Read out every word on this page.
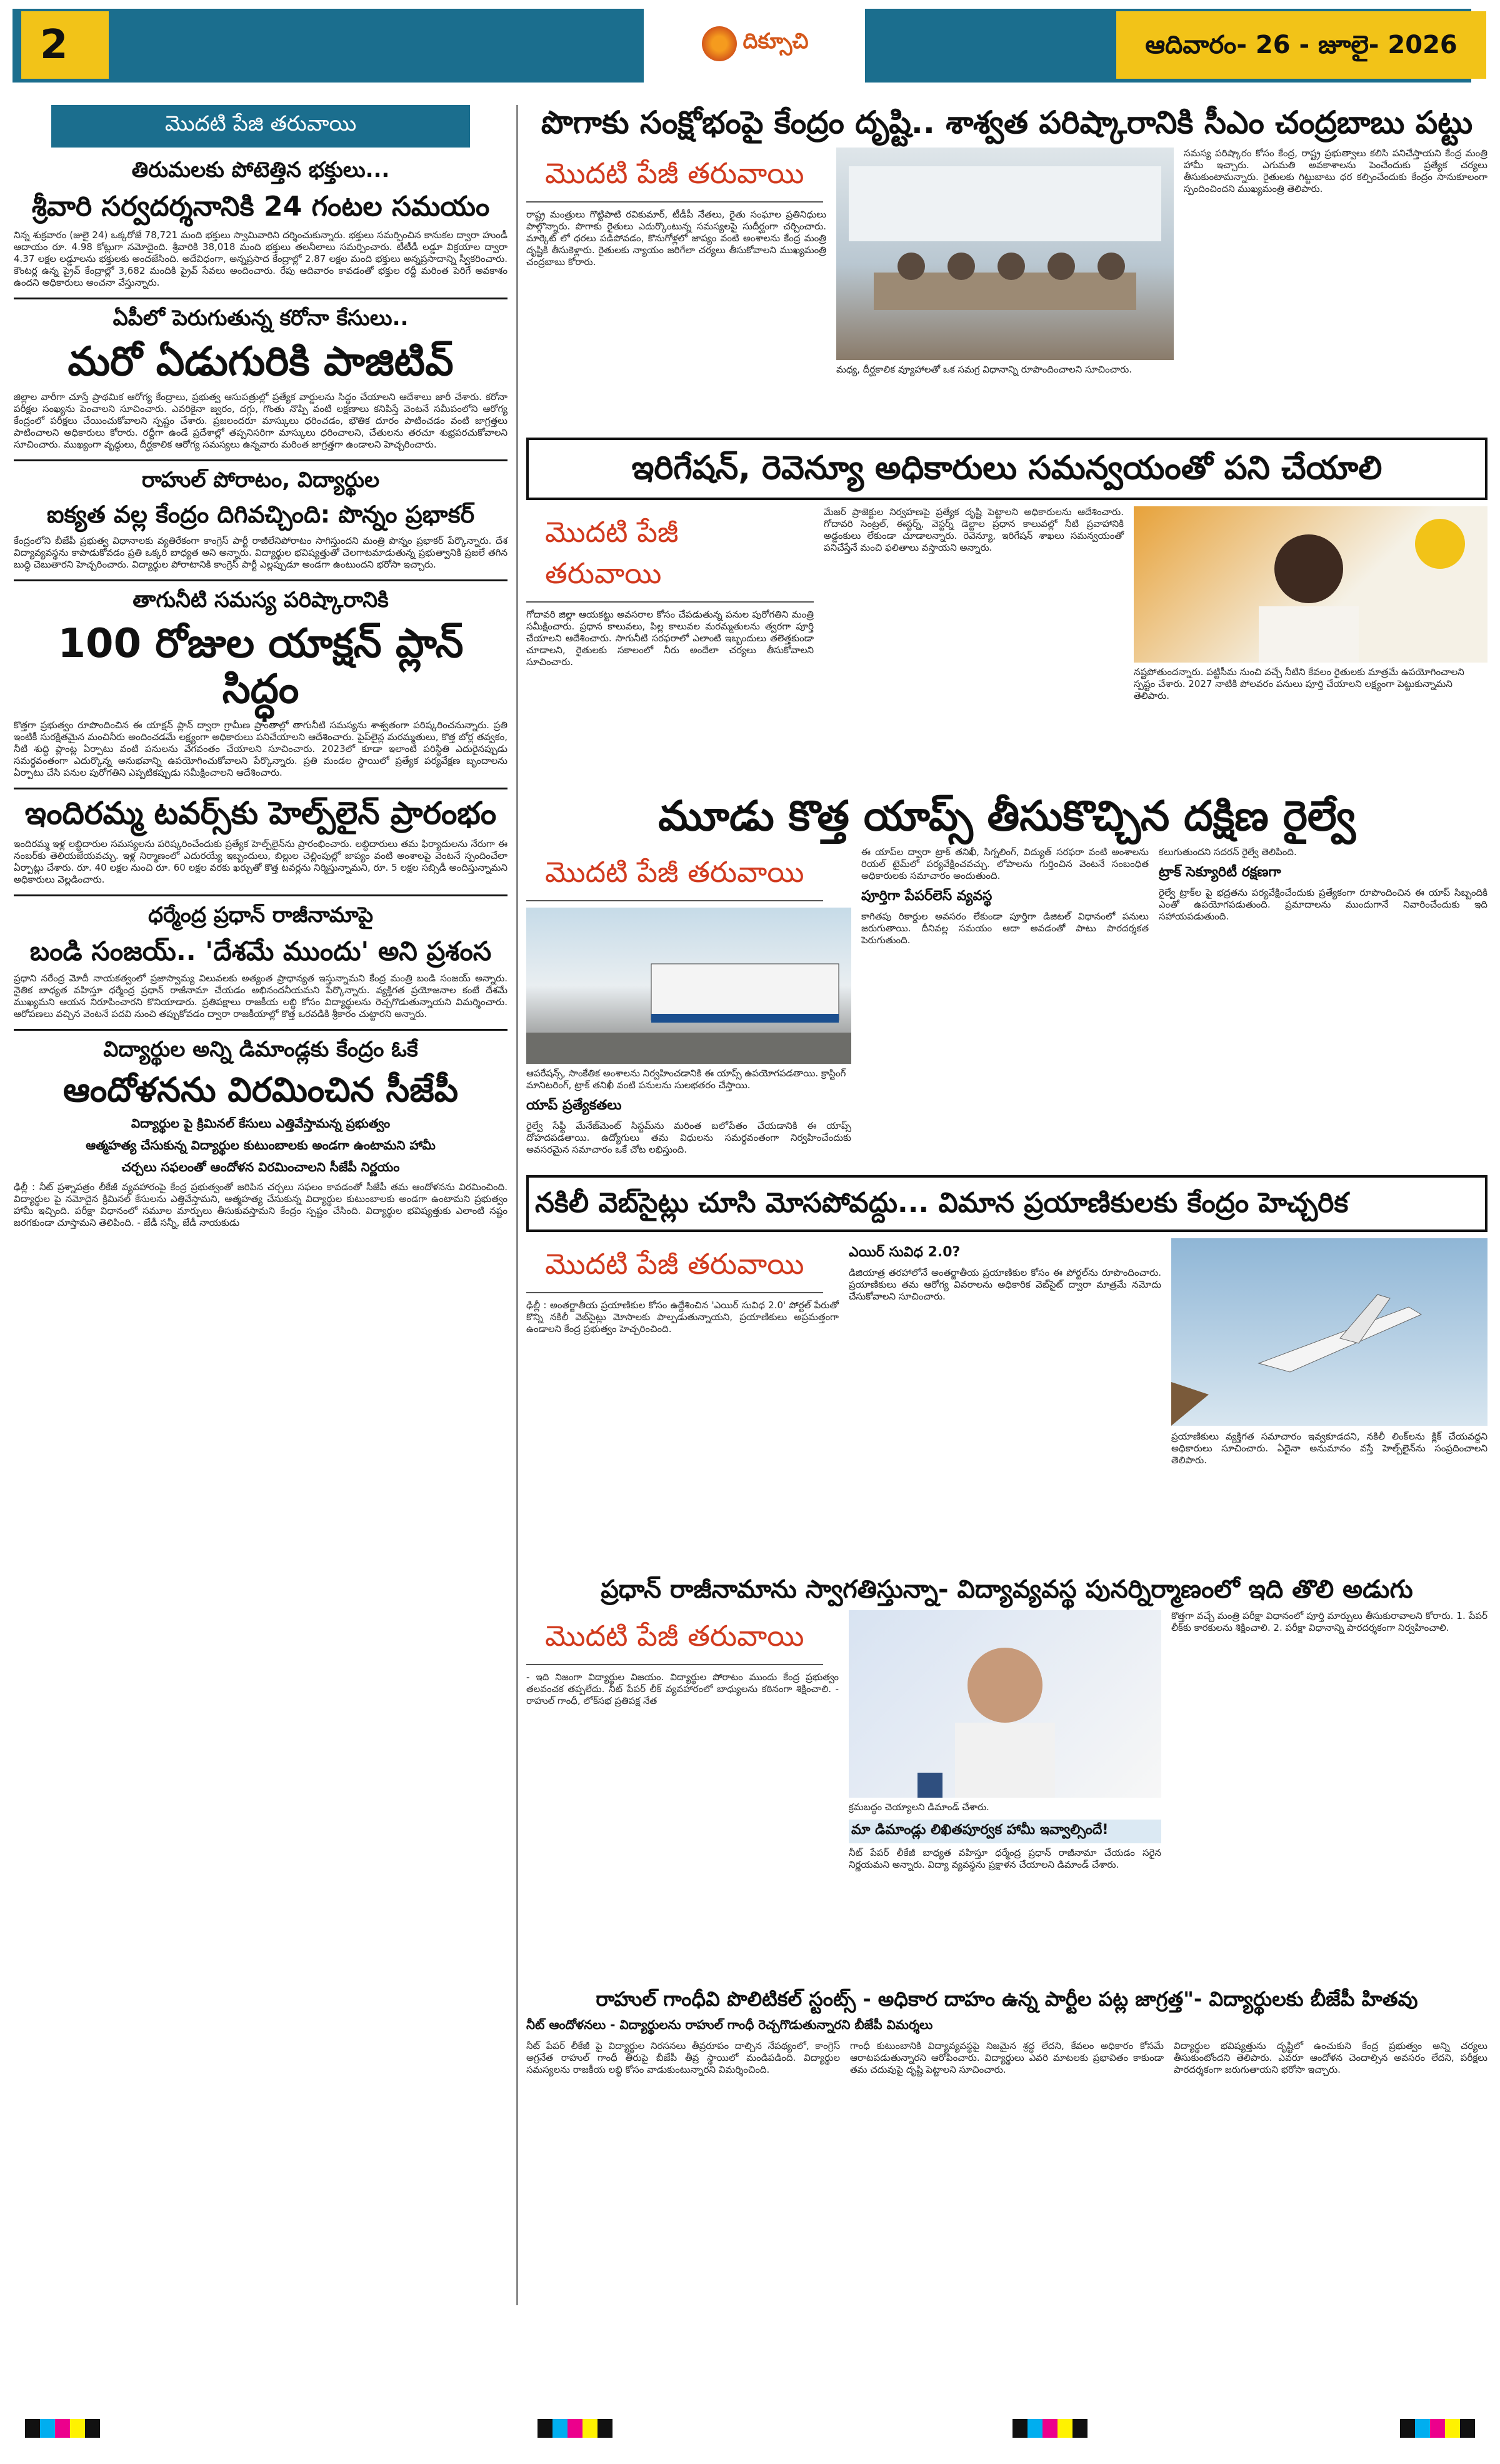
2	దిక్సూచి	ఆదివారం- 26 - జూలై- 2026
మొదటి పేజి తరువాయి
తిరుమలకు పోటెత్తిన భక్తులు...
శ్రీవారి సర్వదర్శనానికి 24 గంటల సమయం
నిన్న శుక్రవారం (జులై 24) ఒక్కరోజే 78,721 మంది భక్తులు స్వామివారిని దర్శించుకున్నారు. భక్తులు సమర్పించిన కానుకల ద్వారా హుండీ ఆదాయం రూ. 4.98 కోట్లుగా నమోదైంది. శ్రీవారికి 38,018 మంది భక్తులు తలనీలాలు సమర్పించారు. టీటీడీ లడ్డూ విక్రయాల ద్వారా 4.37 లక్షల లడ్డూలను భక్తులకు అందజేసింది. అదేవిధంగా, అన్నప్రసాద కేంద్రాల్లో 2.87 లక్షల మంది భక్తులు అన్నప్రసాదాన్ని స్వీకరించారు. కౌంటర్ల ఉన్న ప్రైవ్ కేంద్రాల్లో 3,682 మందికి ప్రైవ్ సేవలు అందించారు. రేపు ఆదివారం కావడంతో భక్తుల రద్దీ మరింత పెరిగే అవకాశం ఉందని అధికారులు అంచనా వేస్తున్నారు.
ఏపీలో పెరుగుతున్న కరోనా కేసులు..
మరో ఏడుగురికి పాజిటివ్
జిల్లాల వారీగా చూస్తే ప్రాథమిక ఆరోగ్య కేంద్రాలు, ప్రభుత్వ ఆసుపత్రుల్లో ప్రత్యేక వార్డులను సిద్ధం చేయాలని ఆదేశాలు జారీ చేశారు. కరోనా పరీక్షల సంఖ్యను పెంచాలని సూచించారు. ఎవరికైనా జ్వరం, దగ్గు, గొంతు నొప్పి వంటి లక్షణాలు కనిపిస్తే వెంటనే సమీపంలోని ఆరోగ్య కేంద్రంలో పరీక్షలు చేయించుకోవాలని స్పష్టం చేశారు. ప్రజలందరూ మాస్కులు ధరించడం, భౌతిక దూరం పాటించడం వంటి జాగ్రత్తలు పాటించాలని అధికారులు కోరారు. రద్దీగా ఉండే ప్రదేశాల్లో తప్పనిసరిగా మాస్కులు ధరించాలని, చేతులను తరచూ శుభ్రపరచుకోవాలని సూచించారు. ముఖ్యంగా వృద్ధులు, దీర్ఘకాలిక ఆరోగ్య సమస్యలు ఉన్నవారు మరింత జాగ్రత్తగా ఉండాలని హెచ్చరించారు.
రాహుల్ పోరాటం, విద్యార్థుల
ఐక్యత వల్ల కేంద్రం దిగివచ్చింది: పొన్నం ప్రభాకర్
కేంద్రంలోని బీజేపీ ప్రభుత్వ విధానాలకు వ్యతిరేకంగా కాంగ్రెస్ పార్టీ రాజీలేనిపోరాటం సాగిస్తుందని మంత్రి పొన్నం ప్రభాకర్ పేర్కొన్నారు. దేశ విద్యావ్యవస్థను కాపాడుకోవడం ప్రతి ఒక్కరి బాధ్యత అని అన్నారు. విద్యార్థుల భవిష్యత్తుతో చెలగాటమాడుతున్న ప్రభుత్వానికి ప్రజలే తగిన బుద్ధి చెబుతారని హెచ్చరించారు. విద్యార్థుల పోరాటానికి కాంగ్రెస్ పార్టీ ఎల్లప్పుడూ అండగా ఉంటుందని భరోసా ఇచ్చారు.
తాగునీటి సమస్య పరిష్కారానికి
100 రోజుల యాక్షన్ ప్లాన్ సిద్ధం
కొత్తగా ప్రభుత్వం రూపొందించిన ఈ యాక్షన్ ప్లాన్ ద్వారా గ్రామీణ ప్రాంతాల్లో తాగునీటి సమస్యను శాశ్వతంగా పరిష్కరించనున్నారు. ప్రతి ఇంటికీ సురక్షితమైన మంచినీరు అందించడమే లక్ష్యంగా అధికారులు పనిచేయాలని ఆదేశించారు. పైప్‌లైన్ల మరమ్మతులు, కొత్త బోర్ల తవ్వకం, నీటి శుద్ధి ప్లాంట్ల ఏర్పాటు వంటి పనులను వేగవంతం చేయాలని సూచించారు. 2023లో కూడా ఇలాంటి పరిస్థితి ఎదురైనప్పుడు సమర్థవంతంగా ఎదుర్కొన్న అనుభవాన్ని ఉపయోగించుకోవాలని పేర్కొన్నారు. ప్రతి మండల స్థాయిలో ప్రత్యేక పర్యవేక్షణ బృందాలను ఏర్పాటు చేసి పనుల పురోగతిని ఎప్పటికప్పుడు సమీక్షించాలని ఆదేశించారు.
ఇందిరమ్మ టవర్స్‌కు హెల్ప్‌లైన్ ప్రారంభం
ఇందిరమ్మ ఇళ్ల లబ్ధిదారుల సమస్యలను పరిష్కరించేందుకు ప్రత్యేక హెల్ప్‌లైన్‌ను ప్రారంభించారు. లబ్ధిదారులు తమ ఫిర్యాదులను నేరుగా ఈ నంబర్‌కు తెలియజేయవచ్చు. ఇళ్ల నిర్మాణంలో ఎదురయ్యే ఇబ్బందులు, బిల్లుల చెల్లింపుల్లో జాప్యం వంటి అంశాలపై వెంటనే స్పందించేలా ఏర్పాట్లు చేశారు. రూ. 40 లక్షల నుంచి రూ. 60 లక్షల వరకు ఖర్చుతో కొత్త టవర్లను నిర్మిస్తున్నామని, రూ. 5 లక్షల సబ్సిడీ అందిస్తున్నామని అధికారులు వెల్లడించారు.
ధర్మేంద్ర ప్రధాన్ రాజీనామాపై
బండి సంజయ్‌.. 'దేశమే ముందు' అని ప్రశంస
ప్రధాని నరేంద్ర మోదీ నాయకత్వంలో ప్రజాస్వామ్య విలువలకు అత్యంత ప్రాధాన్యత ఇస్తున్నామని కేంద్ర మంత్రి బండి సంజయ్ అన్నారు. నైతిక బాధ్యత వహిస్తూ ధర్మేంద్ర ప్రధాన్ రాజీనామా చేయడం అభినందనీయమని పేర్కొన్నారు. వ్యక్తిగత ప్రయోజనాల కంటే దేశమే ముఖ్యమని ఆయన నిరూపించారని కొనియాడారు. ప్రతిపక్షాలు రాజకీయ లబ్ధి కోసం విద్యార్థులను రెచ్చగొడుతున్నాయని విమర్శించారు. ఆరోపణలు వచ్చిన వెంటనే పదవి నుంచి తప్పుకోవడం ద్వారా రాజకీయాల్లో కొత్త ఒరవడికి శ్రీకారం చుట్టారని అన్నారు.
విద్యార్థుల అన్ని డిమాండ్లకు కేంద్రం ఓకే
ఆందోళనను విరమించిన సీజేపీ
విద్యార్థుల పై క్రిమినల్ కేసులు ఎత్తివేస్తామన్న ప్రభుత్వం
ఆత్మహత్య చేసుకున్న విద్యార్థుల కుటుంబాలకు అండగా ఉంటామని హామీ
చర్చలు సఫలంతో ఆందోళన విరమించాలని సీజేపీ నిర్ణయం
ఢిల్లీ : నీట్ ప్రశ్నాపత్రం లీకేజీ వ్యవహారంపై కేంద్ర ప్రభుత్వంతో జరిపిన చర్చలు సఫలం కావడంతో సీజేపీ తమ ఆందోళనను విరమించింది. విద్యార్థుల పై నమోదైన క్రిమినల్ కేసులను ఎత్తివేస్తామని, ఆత్మహత్య చేసుకున్న విద్యార్థుల కుటుంబాలకు అండగా ఉంటామని ప్రభుత్వం హామీ ఇచ్చింది. పరీక్షా విధానంలో సమూల మార్పులు తీసుకువస్తామని కేంద్రం స్పష్టం చేసింది. విద్యార్థుల భవిష్యత్తుకు ఎలాంటి నష్టం జరగకుండా చూస్తామని తెలిపింది. - జేడీ సన్నీ, జేడీ నాయకుడు
పొగాకు సంక్షోభంపై కేంద్రం దృష్టి.. శాశ్వత పరిష్కారానికి సీఎం చంద్రబాబు పట్టు
మొదటి పేజీ తరువాయి
రాష్ట్ర మంత్రులు గొట్టిపాటి రవికుమార్, టీడీపీ నేతలు, రైతు సంఘాల ప్రతినిధులు పాల్గొన్నారు. పొగాకు రైతులు ఎదుర్కొంటున్న సమస్యలపై సుదీర్ఘంగా చర్చించారు. మార్కెట్ లో ధరలు పడిపోవడం, కొనుగోళ్లలో జాప్యం వంటి అంశాలను కేంద్ర మంత్రి దృష్టికి తీసుకెళ్లారు. రైతులకు న్యాయం జరిగేలా చర్యలు తీసుకోవాలని ముఖ్యమంత్రి చంద్రబాబు కోరారు.
మధ్య, దీర్ఘకాలిక వ్యూహాలతో ఒక సమగ్ర విధానాన్ని రూపొందించాలని సూచించారు.
సమస్య పరిష్కారం కోసం కేంద్ర, రాష్ట్ర ప్రభుత్వాలు కలిసి పనిచేస్తాయని కేంద్ర మంత్రి హామీ ఇచ్చారు. ఎగుమతి అవకాశాలను పెంచేందుకు ప్రత్యేక చర్యలు తీసుకుంటామన్నారు. రైతులకు గిట్టుబాటు ధర కల్పించేందుకు కేంద్రం సానుకూలంగా స్పందించిందని ముఖ్యమంత్రి తెలిపారు.
ఇరిగేషన్, రెవెన్యూ అధికారులు సమన్వయంతో పని చేయాలి
మొదటి పేజీ తరువాయి
గోదావరి జిల్లా ఆయకట్టు అవసరాల కోసం చేపడుతున్న పనుల పురోగతిని మంత్రి సమీక్షించారు. ప్రధాన కాలువలు, పిల్ల కాలువల మరమ్మతులను త్వరగా పూర్తి చేయాలని ఆదేశించారు. సాగునీటి సరఫరాలో ఎలాంటి ఇబ్బందులు తలెత్తకుండా చూడాలని, రైతులకు సకాలంలో నీరు అందేలా చర్యలు తీసుకోవాలని సూచించారు.
మేజర్ ప్రాజెక్టుల నిర్వహణపై ప్రత్యేక దృష్టి పెట్టాలని అధికారులను ఆదేశించారు. గోదావరి సెంట్రల్, ఈస్టర్న్, వెస్టర్న్ డెల్టాల ప్రధాన కాలువల్లో నీటి ప్రవాహానికి అడ్డంకులు లేకుండా చూడాలన్నారు. రెవెన్యూ, ఇరిగేషన్ శాఖలు సమన్వయంతో పనిచేస్తేనే మంచి ఫలితాలు వస్తాయని అన్నారు.
నష్టపోతుందన్నారు. పట్టిసీమ నుంచి వచ్చే నీటిని కేవలం రైతులకు మాత్రమే ఉపయోగించాలని స్పష్టం చేశారు. 2027 నాటికి పోలవరం పనులు పూర్తి చేయాలని లక్ష్యంగా పెట్టుకున్నామని తెలిపారు.
మూడు కొత్త యాప్స్ తీసుకొచ్చిన దక్షిణ రైల్వే
మొదటి పేజీ తరువాయి
ఆపరేషన్స్, సాంకేతిక అంశాలను నిర్వహించడానికి ఈ యాప్స్ ఉపయోగపడతాయి. క్రాస్టింగ్ మానిటరింగ్, ట్రాక్ తనిఖీ వంటి పనులను సులభతరం చేస్తాయి.
యాప్ ప్రత్యేకతలు
రైల్వే సేఫ్టీ మేనేజ్‌మెంట్ సిస్టమ్‌ను మరింత బలోపేతం చేయడానికి ఈ యాప్స్ దోహదపడతాయి. ఉద్యోగులు తమ విధులను సమర్థవంతంగా నిర్వహించేందుకు అవసరమైన సమాచారం ఒకే చోట లభిస్తుంది.
ఈ యాప్‌ల ద్వారా ట్రాక్ తనిఖీ, సిగ్నలింగ్, విద్యుత్ సరఫరా వంటి అంశాలను రియల్ టైమ్‌లో పర్యవేక్షించవచ్చు. లోపాలను గుర్తించిన వెంటనే సంబంధిత అధికారులకు సమాచారం అందుతుంది.
పూర్తిగా పేపర్‌లెస్ వ్యవస్థ
కాగితపు రికార్డుల అవసరం లేకుండా పూర్తిగా డిజిటల్ విధానంలో పనులు జరుగుతాయి. దీనివల్ల సమయం ఆదా అవడంతో పాటు పారదర్శకత పెరుగుతుంది.
కలుగుతుందని సదరన్ రైల్వే తెలిపింది.
ట్రాక్ సెక్యూరిటీ రక్షణగా
రైల్వే ట్రాక్‌ల పై భద్రతను పర్యవేక్షించేందుకు ప్రత్యేకంగా రూపొందించిన ఈ యాప్ సిబ్బందికి ఎంతో ఉపయోగపడుతుంది. ప్రమాదాలను ముందుగానే నివారించేందుకు ఇది సహాయపడుతుంది.
నకిలీ వెబ్‌సైట్లు చూసి మోసపోవద్దు... విమాన ప్రయాణికులకు కేంద్రం హెచ్చరిక
మొదటి పేజీ తరువాయి
ఢిల్లీ : అంతర్జాతీయ ప్రయాణికుల కోసం ఉద్దేశించిన 'ఎయిర్ సువిధ 2.0' పోర్టల్ పేరుతో కొన్ని నకిలీ వెబ్‌సైట్లు మోసాలకు పాల్పడుతున్నాయని, ప్రయాణికులు అప్రమత్తంగా ఉండాలని కేంద్ర ప్రభుత్వం హెచ్చరించింది.
ఎయిర్ సువిధ 2.0?
డిజియాత్ర తరహాలోనే అంతర్జాతీయ ప్రయాణికుల కోసం ఈ పోర్టల్‌ను రూపొందించారు. ప్రయాణికులు తమ ఆరోగ్య వివరాలను అధికారిక వెబ్‌సైట్ ద్వారా మాత్రమే నమోదు చేసుకోవాలని సూచించారు.
ప్రయాణికులు వ్యక్తిగత సమాచారం ఇవ్వకూడదని, నకిలీ లింక్‌లను క్లిక్ చేయవద్దని అధికారులు సూచించారు. ఏదైనా అనుమానం వస్తే హెల్ప్‌లైన్‌ను సంప్రదించాలని తెలిపారు.
ప్రధాన్ రాజీనామాను స్వాగతిస్తున్నా- విద్యావ్యవస్థ పునర్నిర్మాణంలో ఇది తొలి అడుగు
మొదటి పేజీ తరువాయి
- ఇది నిజంగా విద్యార్థుల విజయం. విద్యార్థుల పోరాటం ముందు కేంద్ర ప్రభుత్వం తలవంచక తప్పలేదు. నీట్ పేపర్ లీక్ వ్యవహారంలో బాధ్యులను కఠినంగా శిక్షించాలి. - రాహుల్ గాంధీ, లోక్‌సభ ప్రతిపక్ష నేత
క్రమబద్ధం చెయ్యాలని డిమాండ్ చేశారు.
మా డిమాండ్లు లిఖితపూర్వక హామీ ఇవ్వాల్సిందే!
నీట్ పేపర్ లీకేజీ బాధ్యత వహిస్తూ ధర్మేంద్ర ప్రధాన్ రాజీనామా చేయడం సరైన నిర్ణయమని అన్నారు. విద్యా వ్యవస్థను ప్రక్షాళన చేయాలని డిమాండ్ చేశారు.
కొత్తగా వచ్చే మంత్రి పరీక్షా విధానంలో పూర్తి మార్పులు తీసుకురావాలని కోరారు. 1. పేపర్ లీక్‌కు కారకులను శిక్షించాలి. 2. పరీక్షా విధానాన్ని పారదర్శకంగా నిర్వహించాలి.
రాహుల్ గాంధీవి పొలిటికల్ స్టంట్స్ - అధికార దాహం ఉన్న పార్టీల పట్ల జాగ్రత్త"- విద్యార్థులకు బీజేపీ హితవు
నీట్ ఆందోళనలు - విద్యార్థులను రాహుల్ గాంధీ రెచ్చగొడుతున్నారని బీజేపీ విమర్శలు
నీట్ పేపర్ లీకేజీ పై విద్యార్థుల నిరసనలు తీవ్రరూపం దాల్చిన నేపథ్యంలో, కాంగ్రెస్ అగ్రనేత రాహుల్ గాంధీ తీరుపై బీజేపీ తీవ్ర స్థాయిలో మండిపడింది. విద్యార్థుల సమస్యలను రాజకీయ లబ్ధి కోసం వాడుకుంటున్నారని విమర్శించింది.
గాంధీ కుటుంబానికి విద్యావ్యవస్థపై నిజమైన శ్రద్ధ లేదని, కేవలం అధికారం కోసమే ఆరాటపడుతున్నారని ఆరోపించారు. విద్యార్థులు ఎవరి మాటలకు ప్రభావితం కాకుండా తమ చదువుపై దృష్టి పెట్టాలని సూచించారు.
విద్యార్థుల భవిష్యత్తును దృష్టిలో ఉంచుకుని కేంద్ర ప్రభుత్వం అన్ని చర్యలు తీసుకుంటోందని తెలిపారు. ఎవరూ ఆందోళన చెందాల్సిన అవసరం లేదని, పరీక్షలు పారదర్శకంగా జరుగుతాయని భరోసా ఇచ్చారు.
